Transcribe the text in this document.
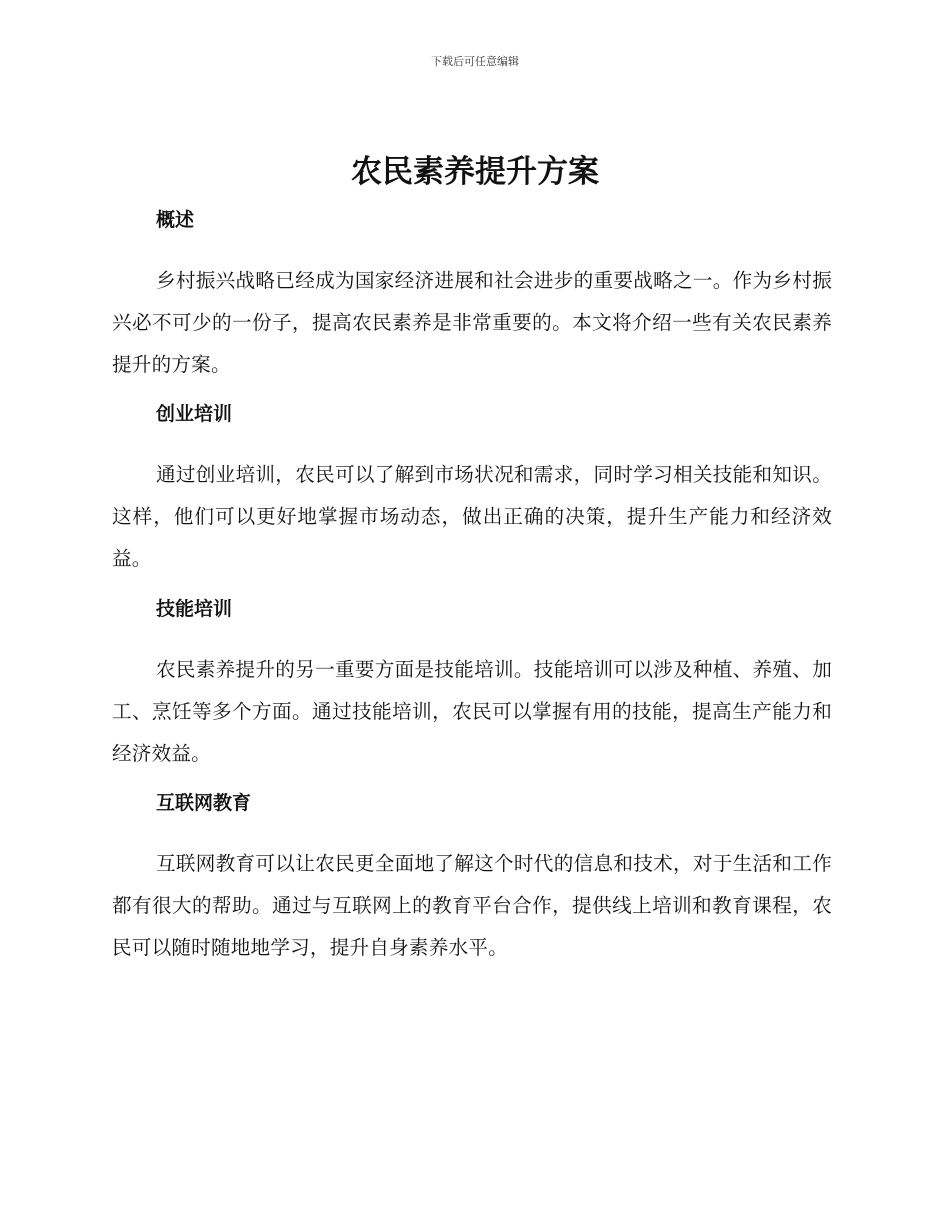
下载后可任意编辑
农民素养提升方案
概述

乡村振兴战略已经成为国家经济进展和社会进步的重要战略之一。作为乡村振兴必不可少的一份子，提高农民素养是非常重要的。本文将介绍一些有关农民素养提升的方案。

创业培训

通过创业培训，农民可以了解到市场状况和需求，同时学习相关技能和知识。这样，他们可以更好地掌握市场动态，做出正确的决策，提升生产能力和经济效益。

技能培训

农民素养提升的另一重要方面是技能培训。技能培训可以涉及种植、养殖、加工、烹饪等多个方面。通过技能培训，农民可以掌握有用的技能，提高生产能力和经济效益。

互联网教育

互联网教育可以让农民更全面地了解这个时代的信息和技术，对于生活和工作都有很大的帮助。通过与互联网上的教育平台合作，提供线上培训和教育课程，农民可以随时随地地学习，提升自身素养水平。
